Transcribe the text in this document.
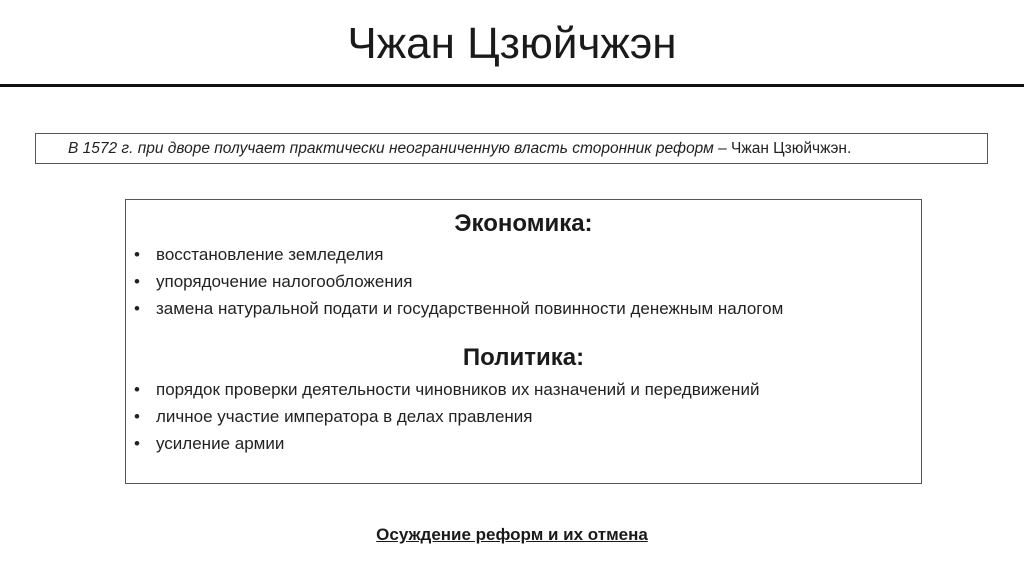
Чжан Цзюйчжэн
В 1572 г. при дворе получает практически неограниченную власть сторонник реформ – Чжан Цзюйчжэн.
Экономика:
• восстановление земледелия
• упорядочение налогообложения
• замена натуральной подати и государственной повинности денежным налогом
Политика:
• порядок проверки деятельности чиновников их назначений и передвижений
• личное участие императора в делах правления
• усиление армии
Осуждение реформ и их отмена
